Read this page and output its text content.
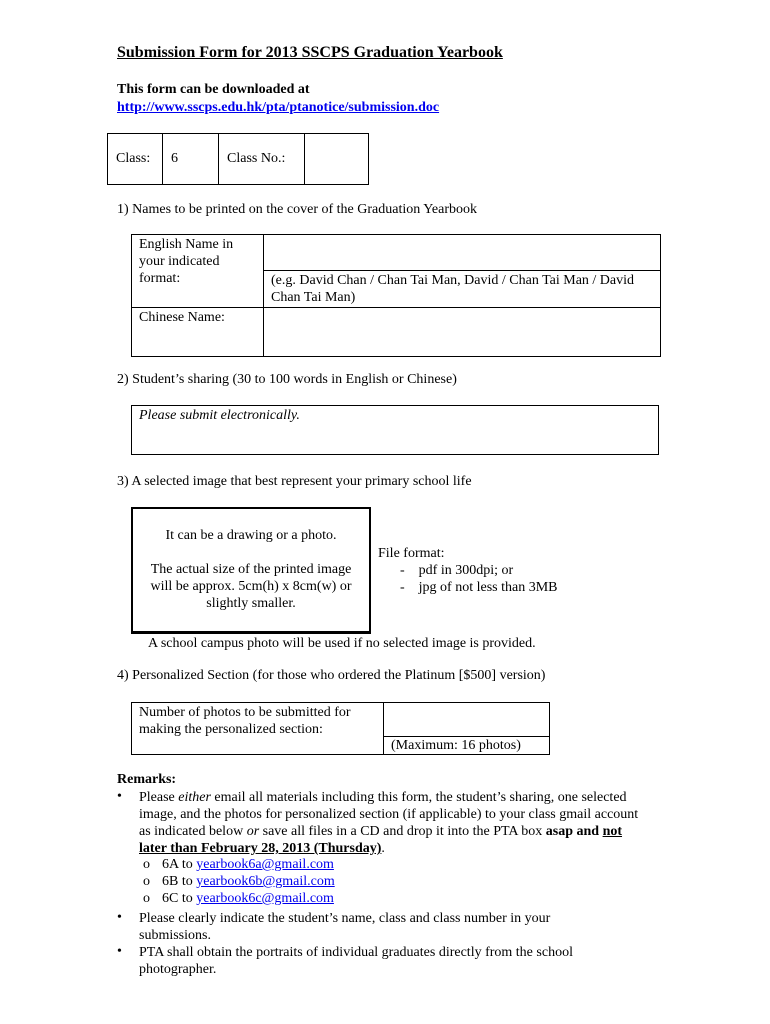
Submission Form for 2013 SSCPS Graduation Yearbook
This form can be downloaded at
http://www.sscps.edu.hk/pta/ptanotice/submission.doc
Class:	6	Class No.:	
1) Names to be printed on the cover of the Graduation Yearbook
English Name in your indicated format:	
	(e.g. David Chan / Chan Tai Man, David / Chan Tai Man / David Chan Tai Man)
Chinese Name:	
2) Student’s sharing (30 to 100 words in English or Chinese)
Please submit electronically.
3) A selected image that best represent your primary school life
It can be a drawing or a photo.
The actual size of the printed image will be approx. 5cm(h) x 8cm(w) or slightly smaller.
File format:
-    pdf in 300dpi; or
-    jpg of not less than 3MB
A school campus photo will be used if no selected image is provided.
4) Personalized Section (for those who ordered the Platinum [$500] version)
Number of photos to be submitted for making the personalized section:	
(Maximum: 16 photos)
Remarks:
• Please either email all materials including this form, the student’s sharing, one selected image, and the photos for personalized section (if applicable) to your class gmail account as indicated below or save all files in a CD and drop it into the PTA box asap and not later than February 28, 2013 (Thursday).
o 6A to yearbook6a@gmail.com
o 6B to yearbook6b@gmail.com
o 6C to yearbook6c@gmail.com
• Please clearly indicate the student’s name, class and class number in your submissions.
• PTA shall obtain the portraits of individual graduates directly from the school photographer.
